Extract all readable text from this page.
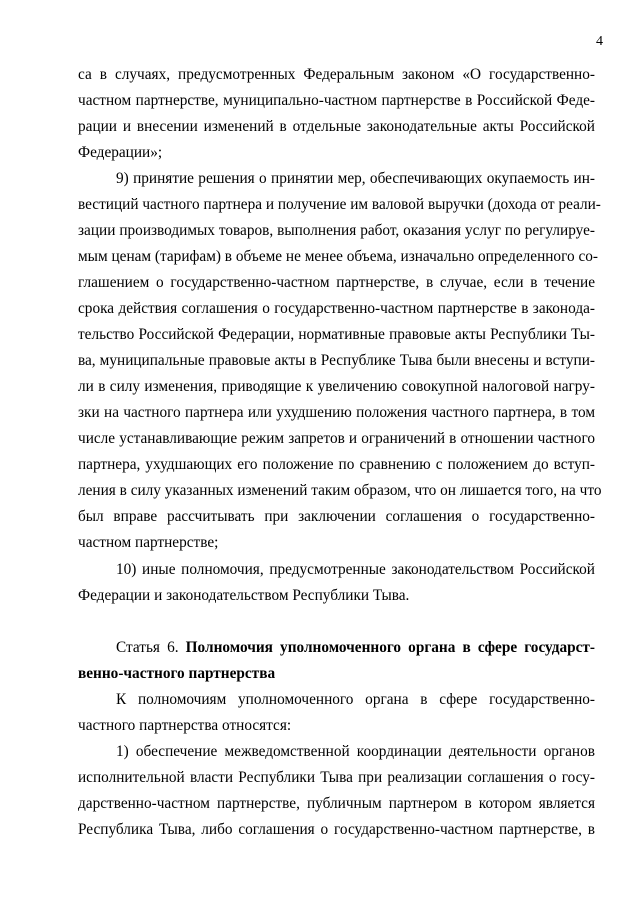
4
са в случаях, предусмотренных Федеральным законом «О государственно-
частном партнерстве, муниципально-частном партнерстве в Российской Феде-
рации и внесении изменений в отдельные законодательные акты Российской
Федерации»;
9) принятие решения о принятии мер, обеспечивающих окупаемость ин-
вестиций частного партнера и получение им валовой выручки (дохода от реали-
зации производимых товаров, выполнения работ, оказания услуг по регулируе-
мым ценам (тарифам) в объеме не менее объема, изначально определенного со-
глашением о государственно-частном партнерстве, в случае, если в течение
срока действия соглашения о государственно-частном партнерстве в законода-
тельство Российской Федерации, нормативные правовые акты Республики Ты-
ва, муниципальные правовые акты в Республике Тыва были внесены и вступи-
ли в силу изменения, приводящие к увеличению совокупной налоговой нагру-
зки на частного партнера или ухудшению положения частного партнера, в том
числе устанавливающие режим запретов и ограничений в отношении частного
партнера, ухудшающих его положение по сравнению с положением до вступ-
ления в силу указанных изменений таким образом, что он лишается того, на что
был вправе рассчитывать при заключении соглашения о государственно-
частном партнерстве;
10) иные полномочия, предусмотренные законодательством Российской
Федерации и законодательством Республики Тыва.
Статья 6. Полномочия уполномоченного органа в сфере государст-
венно-частного партнерства
К полномочиям уполномоченного органа в сфере государственно-
частного партнерства относятся:
1) обеспечение межведомственной координации деятельности органов
исполнительной власти Республики Тыва при реализации соглашения о госу-
дарственно-частном партнерстве, публичным партнером в котором является
Республика Тыва, либо соглашения о государственно-частном партнерстве, в
